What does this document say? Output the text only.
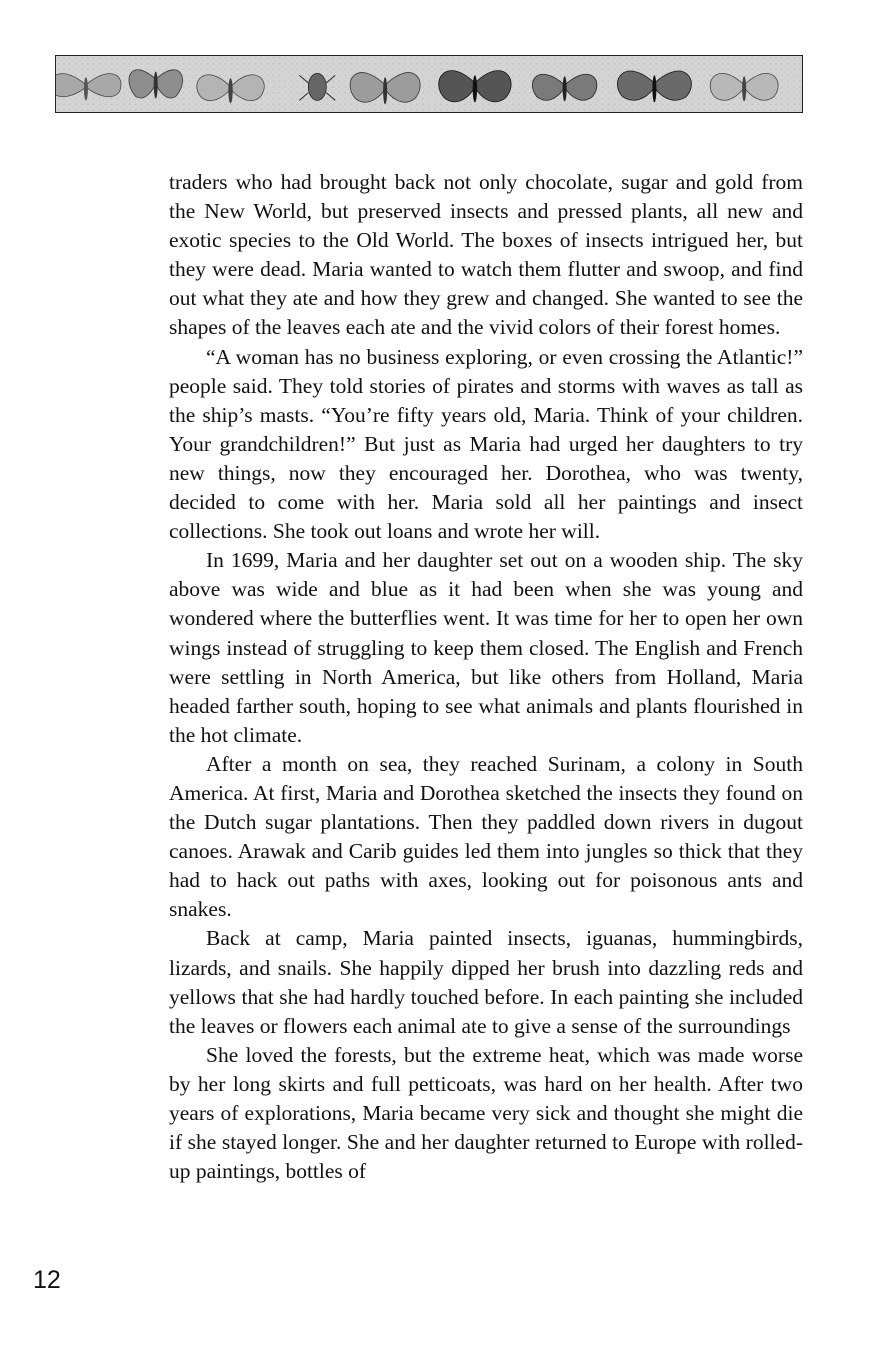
traders who had brought back not only chocolate, sugar and gold from the New World, but preserved insects and pressed plants, all new and exotic species to the Old World. The boxes of insects intrigued her, but they were dead. Maria wanted to watch them flutter and swoop, and find out what they ate and how they grew and changed. She wanted to see the shapes of the leaves each ate and the vivid colors of their forest homes.

“A woman has no business exploring, or even crossing the Atlantic!” people said. They told stories of pirates and storms with waves as tall as the ship’s masts. “You’re fifty years old, Maria. Think of your children. Your grandchildren!” But just as Maria had urged her daughters to try new things, now they encouraged her. Dorothea, who was twenty, decided to come with her. Maria sold all her paintings and insect collections. She took out loans and wrote her will.

In 1699, Maria and her daughter set out on a wooden ship. The sky above was wide and blue as it had been when she was young and wondered where the butterflies went. It was time for her to open her own wings instead of struggling to keep them closed. The English and French were settling in North America, but like others from Holland, Maria headed farther south, hoping to see what animals and plants flourished in the hot climate.

After a month on sea, they reached Surinam, a colony in South America. At first, Maria and Dorothea sketched the insects they found on the Dutch sugar plantations. Then they paddled down rivers in dugout canoes. Arawak and Carib guides led them into jungles so thick that they had to hack out paths with axes, looking out for poisonous ants and snakes.

Back at camp, Maria painted insects, iguanas, hummingbirds, lizards, and snails. She happily dipped her brush into dazzling reds and yellows that she had hardly touched before. In each painting she included the leaves or flowers each animal ate to give a sense of the surroundings

She loved the forests, but the extreme heat, which was made worse by her long skirts and full petticoats, was hard on her health. After two years of explorations, Maria became very sick and thought she might die if she stayed longer. She and her daughter returned to Europe with rolled-up paintings, bottles of

12
